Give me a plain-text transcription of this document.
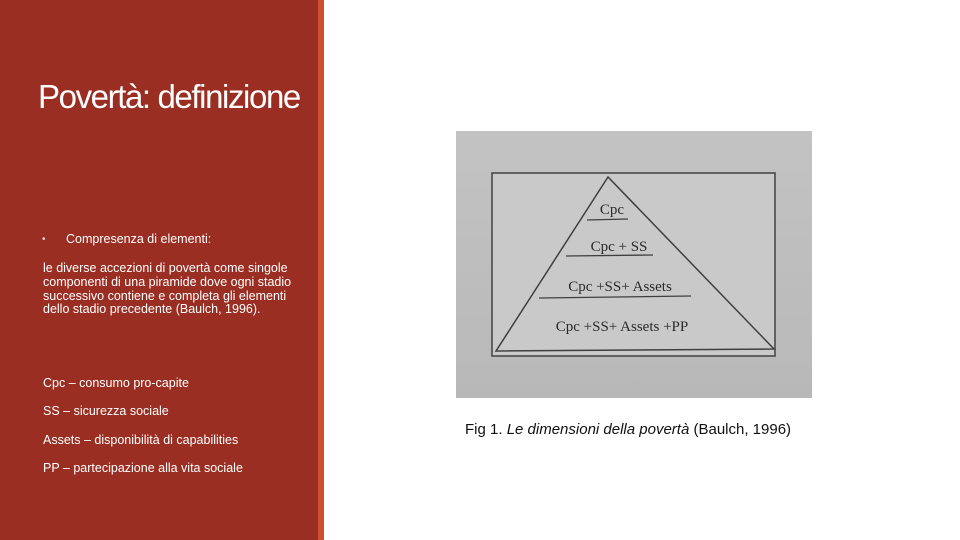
Povertà: definizione
•	Compresenza di elementi:
le diverse accezioni di povertà come singole componenti di una piramide dove ogni stadio successivo contiene e completa gli elementi dello stadio precedente (Baulch, 1996).
Cpc – consumo pro-capite
SS – sicurezza sociale
Assets – disponibilità di capabilities
PP – partecipazione alla vita sociale
Cpc
Cpc + SS
Cpc +SS+ Assets
Cpc +SS+ Assets +PP
Fig 1. Le dimensioni della povertà (Baulch, 1996)
